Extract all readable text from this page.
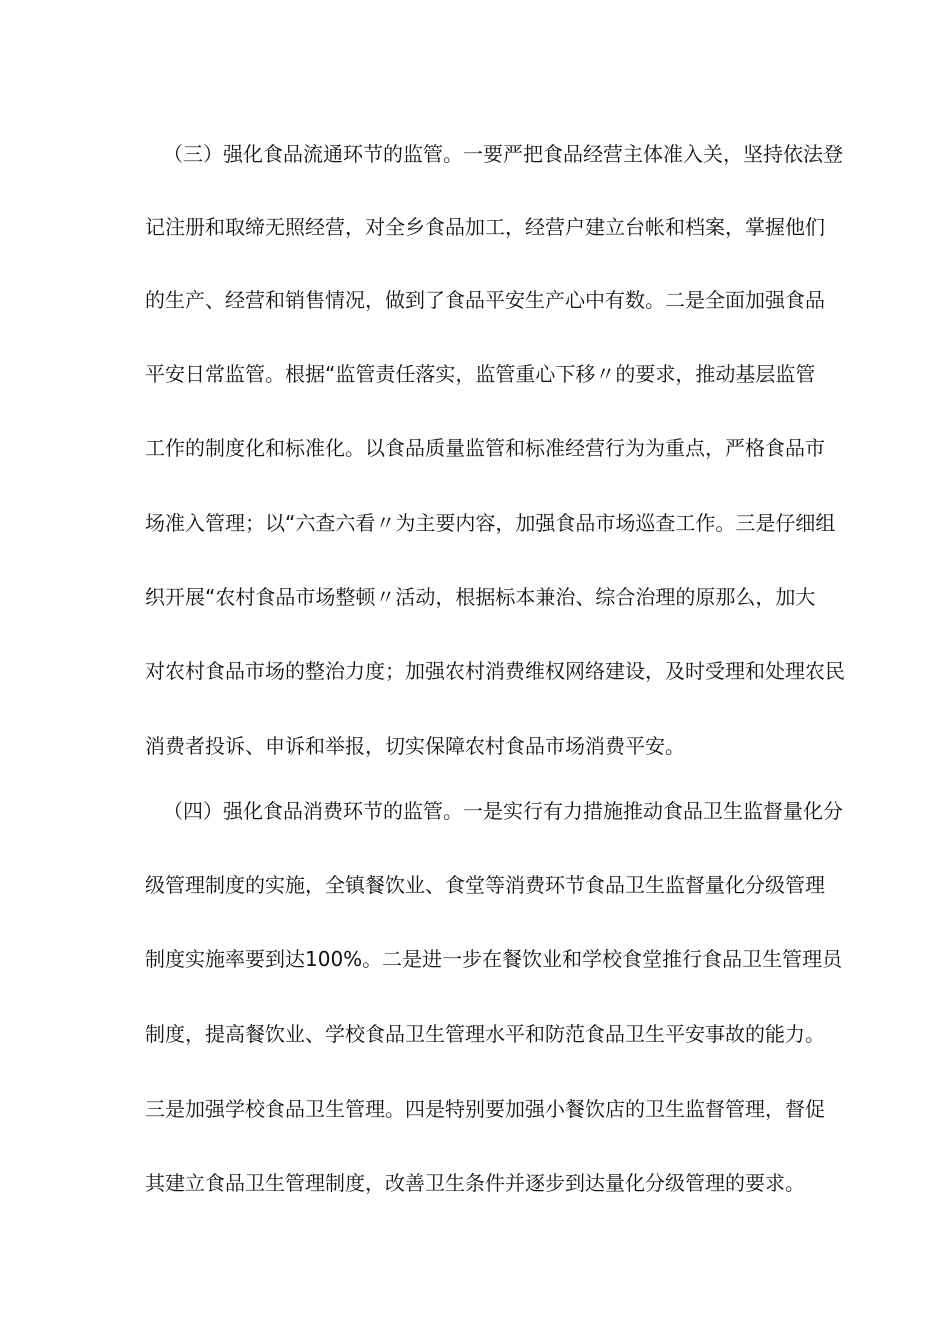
（三）强化食品流通环节的监管。一要严把食品经营主体准入关，坚持依法登
记注册和取缔无照经营，对全乡食品加工，经营户建立台帐和档案，掌握他们
的生产、经营和销售情况，做到了食品平安生产心中有数。二是全面加强食品
平安日常监管。根据“监管责任落实，监管重心下移〃的要求，推动基层监管
工作的制度化和标准化。以食品质量监管和标准经营行为为重点，严格食品市
场准入管理；以“六查六看〃为主要内容，加强食品市场巡查工作。三是仔细组
织开展“农村食品市场整顿〃活动，根据标本兼治、综合治理的原那么，加大
对农村食品市场的整治力度；加强农村消费维权网络建设，及时受理和处理农民
消费者投诉、申诉和举报，切实保障农村食品市场消费平安。
（四）强化食品消费环节的监管。一是实行有力措施推动食品卫生监督量化分
级管理制度的实施，全镇餐饮业、食堂等消费环节食品卫生监督量化分级管理
制度实施率要到达100%。二是进一步在餐饮业和学校食堂推行食品卫生管理员
制度，提高餐饮业、学校食品卫生管理水平和防范食品卫生平安事故的能力。
三是加强学校食品卫生管理。四是特别要加强小餐饮店的卫生监督管理，督促
其建立食品卫生管理制度，改善卫生条件并逐步到达量化分级管理的要求。
